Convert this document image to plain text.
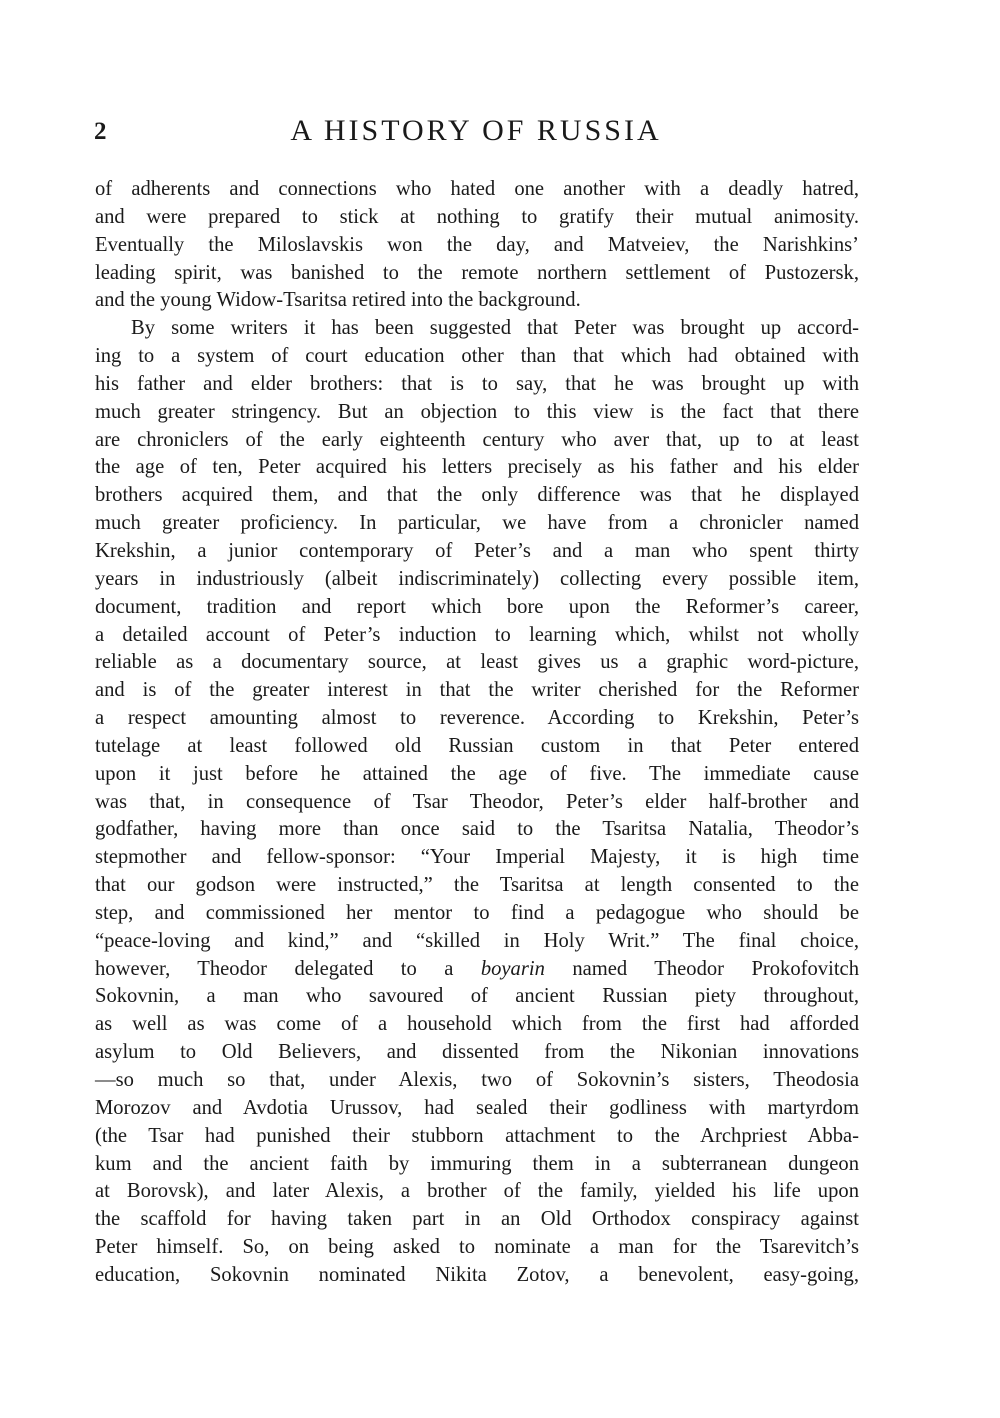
2	A HISTORY OF RUSSIA
of adherents and connections who hated one another with a deadly hatred,
and were prepared to stick at nothing to gratify their mutual animosity.
Eventually the Miloslavskis won the day, and Matveiev, the Narishkins’
leading spirit, was banished to the remote northern settlement of Pustozersk,
and the young Widow-Tsaritsa retired into the background.
By some writers it has been suggested that Peter was brought up accord-
ing to a system of court education other than that which had obtained with
his father and elder brothers: that is to say, that he was brought up with
much greater stringency. But an objection to this view is the fact that there
are chroniclers of the early eighteenth century who aver that, up to at least
the age of ten, Peter acquired his letters precisely as his father and his elder
brothers acquired them, and that the only difference was that he displayed
much greater proficiency. In particular, we have from a chronicler named
Krekshin, a junior contemporary of Peter’s and a man who spent thirty
years in industriously (albeit indiscriminately) collecting every possible item,
document, tradition and report which bore upon the Reformer’s career,
a detailed account of Peter’s induction to learning which, whilst not wholly
reliable as a documentary source, at least gives us a graphic word-picture,
and is of the greater interest in that the writer cherished for the Reformer
a respect amounting almost to reverence. According to Krekshin, Peter’s
tutelage at least followed old Russian custom in that Peter entered
upon it just before he attained the age of five. The immediate cause
was that, in consequence of Tsar Theodor, Peter’s elder half-brother and
godfather, having more than once said to the Tsaritsa Natalia, Theodor’s
stepmother and fellow-sponsor: “Your Imperial Majesty, it is high time
that our godson were instructed,” the Tsaritsa at length consented to the
step, and commissioned her mentor to find a pedagogue who should be
“peace-loving and kind,” and “skilled in Holy Writ.” The final choice,
however, Theodor delegated to a boyarin named Theodor Prokofovitch
Sokovnin, a man who savoured of ancient Russian piety throughout,
as well as was come of a household which from the first had afforded
asylum to Old Believers, and dissented from the Nikonian innovations
—so much so that, under Alexis, two of Sokovnin’s sisters, Theodosia
Morozov and Avdotia Urussov, had sealed their godliness with martyrdom
(the Tsar had punished their stubborn attachment to the Archpriest Abba-
kum and the ancient faith by immuring them in a subterranean dungeon
at Borovsk), and later Alexis, a brother of the family, yielded his life upon
the scaffold for having taken part in an Old Orthodox conspiracy against
Peter himself. So, on being asked to nominate a man for the Tsarevitch’s
education, Sokovnin nominated Nikita Zotov, a benevolent, easy-going,
